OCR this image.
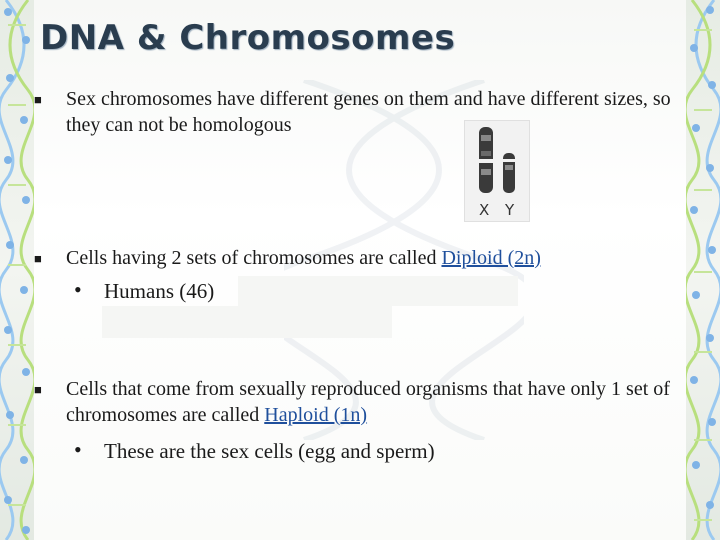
DNA & Chromosomes
■	Sex chromosomes have different genes on them and have different sizes, so they can not be homologous
X Y
■	Cells having 2 sets of chromosomes are called Diploid (2n)
•	Humans (46)
■	Cells that come from sexually reproduced organisms that have only 1 set of chromosomes are called Haploid (1n)
•	These are the sex cells (egg and sperm)
